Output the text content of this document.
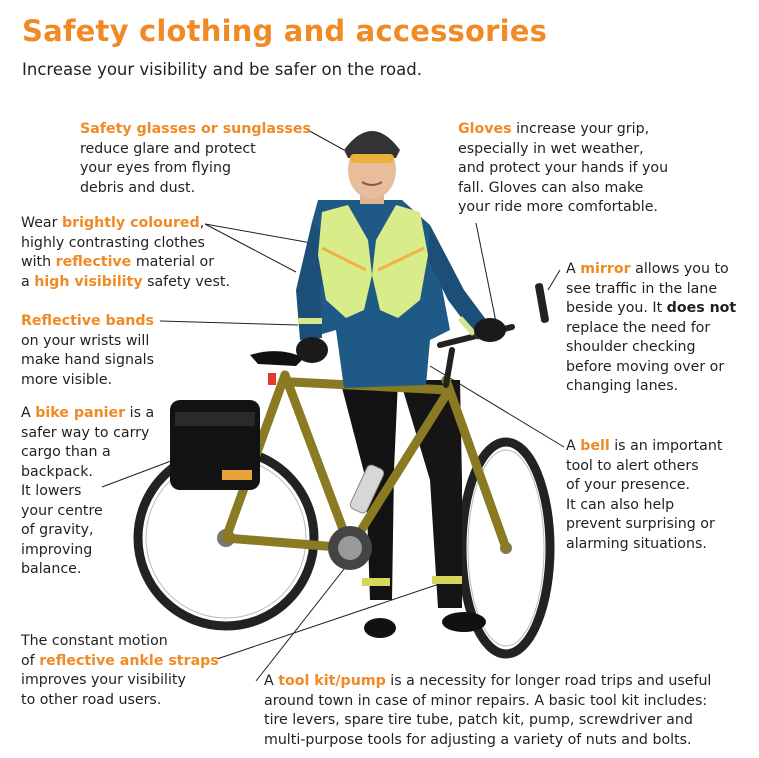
Safety clothing and accessories
Increase your visibility and be safer on the road.
Safety glasses or sunglasses
reduce glare and protect
your eyes from flying
debris and dust.
Gloves increase your grip,
especially in wet weather,
and protect your hands if you
fall. Gloves can also make
your ride more comfortable.
Wear brightly coloured,
highly contrasting clothes
with reflective material or
a high visibility safety vest.
A mirror allows you to
see traffic in the lane
beside you. It does not
replace the need for
shoulder checking
before moving over or
changing lanes.
Reflective bands
on your wrists will
make hand signals
more visible.
A bike panier is a
safer way to carry
cargo than a
backpack.
It lowers
your centre
of gravity,
improving
balance.
A bell is an important
tool to alert others
of your presence.
It can also help
prevent surprising or
alarming situations.
The constant motion
of reflective ankle straps
improves your visibility
to other road users.
A tool kit/pump is a necessity for longer road trips and useful
around town in case of minor repairs. A basic tool kit includes:
tire levers, spare tire tube, patch kit, pump, screwdriver and
multi-purpose tools for adjusting a variety of nuts and bolts.
